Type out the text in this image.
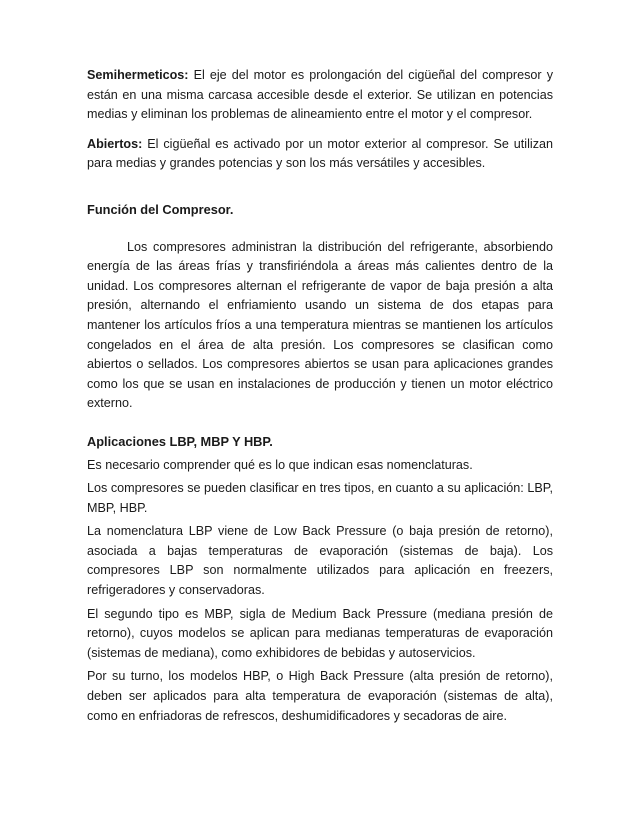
Semihermeticos: El eje del motor es prolongación del cigüeñal del compresor y están en una misma carcasa accesible desde el exterior. Se utilizan en potencias medias y eliminan los problemas de alineamiento entre el motor y el compresor.

Abiertos: El cigüeñal es activado por un motor exterior al compresor. Se utilizan para medias y grandes potencias y son los más versátiles y accesibles.

Función del Compresor.

Los compresores administran la distribución del refrigerante, absorbiendo energía de las áreas frías y transfiriéndola a áreas más calientes dentro de la unidad. Los compresores alternan el refrigerante de vapor de baja presión a alta presión, alternando el enfriamiento usando un sistema de dos etapas para mantener los artículos fríos a una temperatura mientras se mantienen los artículos congelados en el área de alta presión. Los compresores se clasifican como abiertos o sellados. Los compresores abiertos se usan para aplicaciones grandes como los que se usan en instalaciones de producción y tienen un motor eléctrico externo.

Aplicaciones LBP, MBP Y HBP.

Es necesario comprender qué es lo que indican esas nomenclaturas.

Los compresores se pueden clasificar en tres tipos, en cuanto a su aplicación: LBP, MBP, HBP.

La nomenclatura LBP viene de Low Back Pressure (o baja presión de retorno), asociada a bajas temperaturas de evaporación (sistemas de baja). Los compresores LBP son normalmente utilizados para aplicación en freezers, refrigeradores y conservadoras.

El segundo tipo es MBP, sigla de Medium Back Pressure (mediana presión de retorno), cuyos modelos se aplican para medianas temperaturas de evaporación (sistemas de mediana), como exhibidores de bebidas y autoservicios.

Por su turno, los modelos HBP, o High Back Pressure (alta presión de retorno), deben ser aplicados para alta temperatura de evaporación (sistemas de alta), como en enfriadoras de refrescos, deshumidificadores y secadoras de aire.
